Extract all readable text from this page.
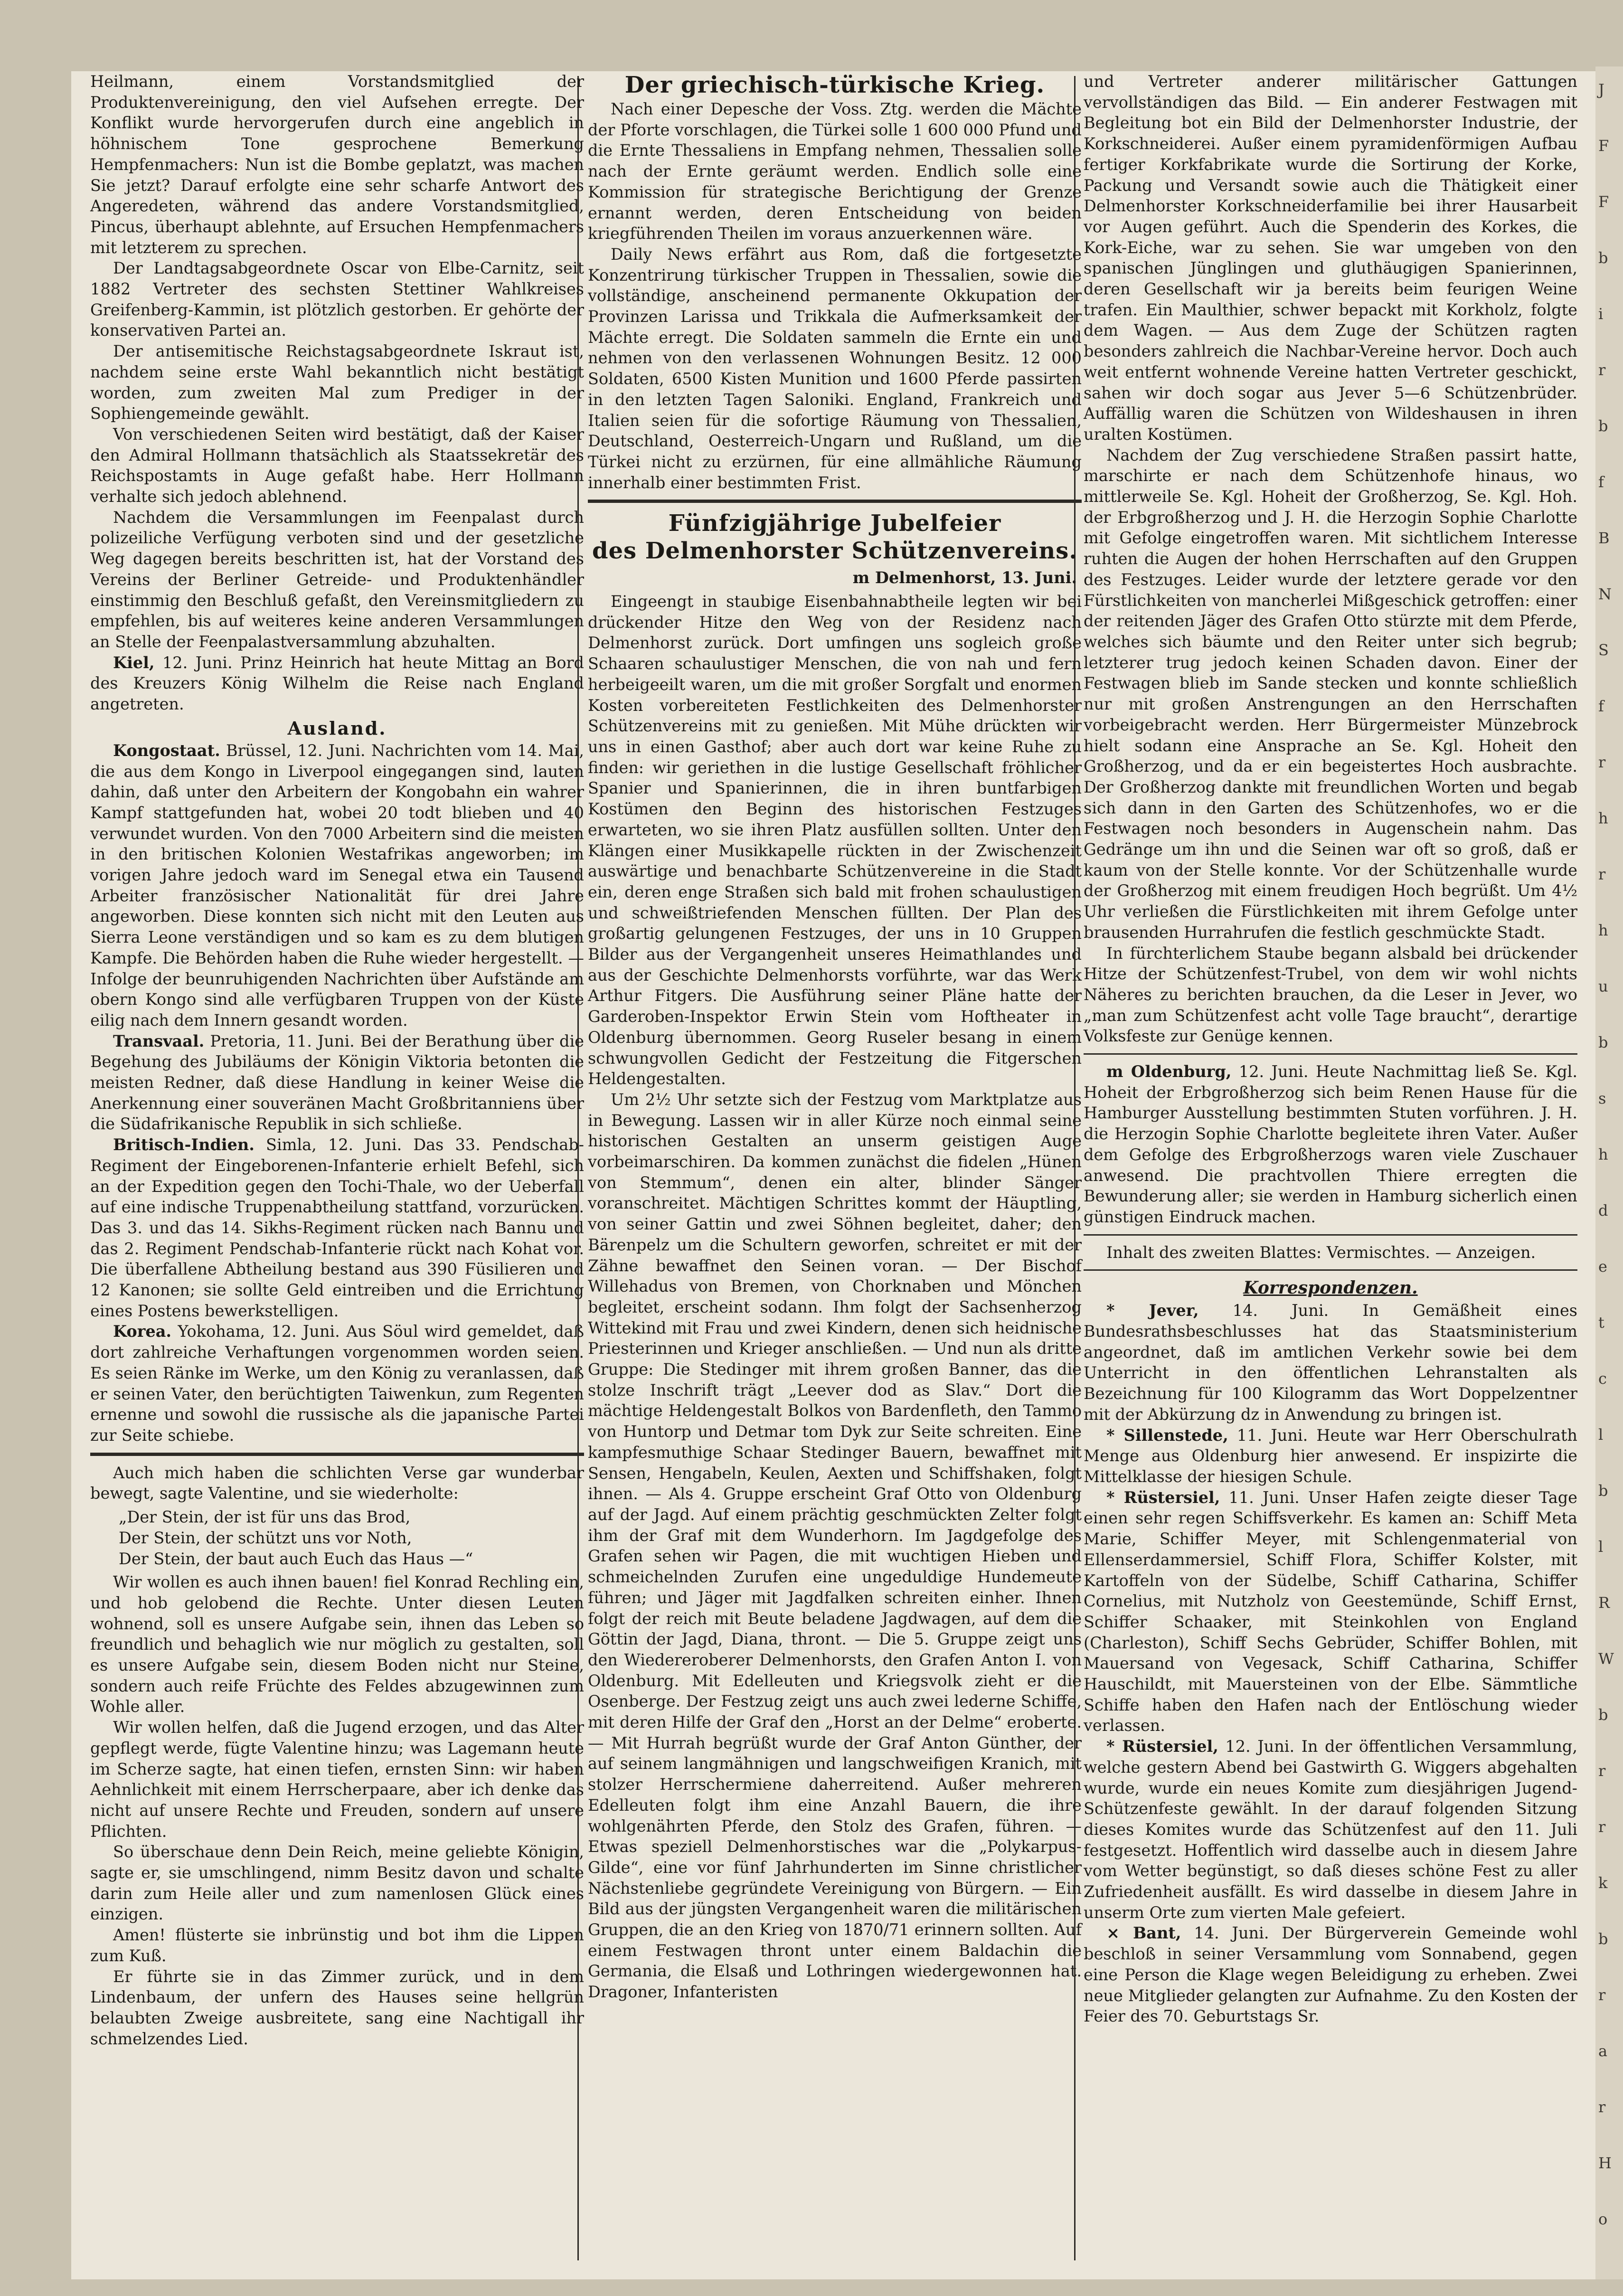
J
F
F
b
i
r
b
f
B
N
S
f
r
h
r
h
u
b
s
h
d
e
t
c
l
b
l
R
W
b
r
r
k
b
r
a
r
H
o

Heilmann, einem Vorstandsmitglied der Produktenvereinigung, den viel Aufsehen erregte. Der Konflikt wurde hervorgerufen durch eine angeblich in höhnischem Tone gesprochene Bemerkung Hempfenmachers: Nun ist die Bombe geplatzt, was machen Sie jetzt? Darauf erfolgte eine sehr scharfe Antwort des Angeredeten, während das andere Vorstandsmitglied, Pincus, überhaupt ablehnte, auf Ersuchen Hempfenmachers mit letzterem zu sprechen.

Der Landtagsabgeordnete Oscar von Elbe-Carnitz, seit 1882 Vertreter des sechsten Stettiner Wahlkreises Greifenberg-Kammin, ist plötzlich gestorben. Er gehörte der konservativen Partei an.

Der antisemitische Reichstagsabgeordnete Iskraut ist, nachdem seine erste Wahl bekanntlich nicht bestätigt worden, zum zweiten Mal zum Prediger in der Sophiengemeinde gewählt.

Von verschiedenen Seiten wird bestätigt, daß der Kaiser den Admiral Hollmann thatsächlich als Staatssekretär des Reichspostamts in Auge gefaßt habe. Herr Hollmann verhalte sich jedoch ablehnend.

Nachdem die Versammlungen im Feenpalast durch polizeiliche Verfügung verboten sind und der gesetzliche Weg dagegen bereits beschritten ist, hat der Vorstand des Vereins der Berliner Getreide- und Produktenhändler einstimmig den Beschluß gefaßt, den Vereinsmitgliedern zu empfehlen, bis auf weiteres keine anderen Versammlungen an Stelle der Feenpalastversammlung abzuhalten.

Kiel, 12. Juni. Prinz Heinrich hat heute Mittag an Bord des Kreuzers König Wilhelm die Reise nach England angetreten.

Ausland.

Kongostaat. Brüssel, 12. Juni. Nachrichten vom 14. Mai, die aus dem Kongo in Liverpool eingegangen sind, lauten dahin, daß unter den Arbeitern der Kongobahn ein wahrer Kampf stattgefunden hat, wobei 20 todt blieben und 40 verwundet wurden. Von den 7000 Arbeitern sind die meisten in den britischen Kolonien Westafrikas angeworben; im vorigen Jahre jedoch ward im Senegal etwa ein Tausend Arbeiter französischer Nationalität für drei Jahre angeworben. Diese konnten sich nicht mit den Leuten aus Sierra Leone verständigen und so kam es zu dem blutigen Kampfe. Die Behörden haben die Ruhe wieder hergestellt. — Infolge der beunruhigenden Nachrichten über Aufstände am obern Kongo sind alle verfügbaren Truppen von der Küste eilig nach dem Innern gesandt worden.

Transvaal. Pretoria, 11. Juni. Bei der Berathung über die Begehung des Jubiläums der Königin Viktoria betonten die meisten Redner, daß diese Handlung in keiner Weise die Anerkennung einer souveränen Macht Großbritanniens über die Südafrikanische Republik in sich schließe.

Britisch-Indien. Simla, 12. Juni. Das 33. Pendschab-Regiment der Eingeborenen-Infanterie erhielt Befehl, sich an der Expedition gegen den Tochi-Thale, wo der Ueberfall auf eine indische Truppenabtheilung stattfand, vorzurücken. Das 3. und das 14. Sikhs-Regiment rücken nach Bannu und das 2. Regiment Pendschab-Infanterie rückt nach Kohat vor. Die überfallene Abtheilung bestand aus 390 Füsilieren und 12 Kanonen; sie sollte Geld eintreiben und die Errichtung eines Postens bewerkstelligen.

Korea. Yokohama, 12. Juni. Aus Söul wird gemeldet, daß dort zahlreiche Verhaftungen vorgenommen worden seien. Es seien Ränke im Werke, um den König zu veranlassen, daß er seinen Vater, den berüchtigten Taiwenkun, zum Regenten ernenne und sowohl die russische als die japanische Partei zur Seite schiebe.

Auch mich haben die schlichten Verse gar wunderbar bewegt, sagte Valentine, und sie wiederholte:

„Der Stein, der ist für uns das Brod,
Der Stein, der schützt uns vor Noth,
Der Stein, der baut auch Euch das Haus —“

Wir wollen es auch ihnen bauen! fiel Konrad Rechling ein, und hob gelobend die Rechte. Unter diesen Leuten wohnend, soll es unsere Aufgabe sein, ihnen das Leben so freundlich und behaglich wie nur möglich zu gestalten, soll es unsere Aufgabe sein, diesem Boden nicht nur Steine, sondern auch reife Früchte des Feldes abzugewinnen zum Wohle aller.

Wir wollen helfen, daß die Jugend erzogen, und das Alter gepflegt werde, fügte Valentine hinzu; was Lagemann heute im Scherze sagte, hat einen tiefen, ernsten Sinn: wir haben Aehnlichkeit mit einem Herrscherpaare, aber ich denke das nicht auf unsere Rechte und Freuden, sondern auf unsere Pflichten.

So überschaue denn Dein Reich, meine geliebte Königin, sagte er, sie umschlingend, nimm Besitz davon und schalte darin zum Heile aller und zum namenlosen Glück eines einzigen.

Amen! flüsterte sie inbrünstig und bot ihm die Lippen zum Kuß.

Er führte sie in das Zimmer zurück, und in dem Lindenbaum, der unfern des Hauses seine hellgrün belaubten Zweige ausbreitete, sang eine Nachtigall ihr schmelzendes Lied.

Der griechisch-türkische Krieg.

Nach einer Depesche der Voss. Ztg. werden die Mächte der Pforte vorschlagen, die Türkei solle 1 600 000 Pfund und die Ernte Thessaliens in Empfang nehmen, Thessalien solle nach der Ernte geräumt werden. Endlich solle eine Kommission für strategische Berichtigung der Grenze ernannt werden, deren Entscheidung von beiden kriegführenden Theilen im voraus anzuerkennen wäre.

Daily News erfährt aus Rom, daß die fortgesetzte Konzentrirung türkischer Truppen in Thessalien, sowie die vollständige, anscheinend permanente Okkupation der Provinzen Larissa und Trikkala die Aufmerksamkeit der Mächte erregt. Die Soldaten sammeln die Ernte ein und nehmen von den verlassenen Wohnungen Besitz. 12 000 Soldaten, 6500 Kisten Munition und 1600 Pferde passirten in den letzten Tagen Saloniki. England, Frankreich und Italien seien für die sofortige Räumung von Thessalien, Deutschland, Oesterreich-Ungarn und Rußland, um die Türkei nicht zu erzürnen, für eine allmähliche Räumung innerhalb einer bestimmten Frist.

Fünfzigjährige Jubelfeier
des Delmenhorster Schützenvereins.
m Delmenhorst, 13. Juni.

Eingeengt in staubige Eisenbahnabtheile legten wir bei drückender Hitze den Weg von der Residenz nach Delmenhorst zurück. Dort umfingen uns sogleich große Schaaren schaulustiger Menschen, die von nah und fern herbeigeeilt waren, um die mit großer Sorgfalt und enormen Kosten vorbereiteten Festlichkeiten des Delmenhorster Schützenvereins mit zu genießen. Mit Mühe drückten wir uns in einen Gasthof; aber auch dort war keine Ruhe zu finden: wir geriethen in die lustige Gesellschaft fröhlicher Spanier und Spanierinnen, die in ihren buntfarbigen Kostümen den Beginn des historischen Festzuges erwarteten, wo sie ihren Platz ausfüllen sollten. Unter den Klängen einer Musikkapelle rückten in der Zwischenzeit auswärtige und benachbarte Schützenvereine in die Stadt ein, deren enge Straßen sich bald mit frohen schaulustigen und schweißtriefenden Menschen füllten. Der Plan des großartig gelungenen Festzuges, der uns in 10 Gruppen Bilder aus der Vergangenheit unseres Heimathlandes und aus der Geschichte Delmenhorsts vorführte, war das Werk Arthur Fitgers. Die Ausführung seiner Pläne hatte der Garderoben-Inspektor Erwin Stein vom Hoftheater in Oldenburg übernommen. Georg Ruseler besang in einem schwungvollen Gedicht der Festzeitung die Fitgerschen Heldengestalten.

Um 2½ Uhr setzte sich der Festzug vom Marktplatze aus in Bewegung. Lassen wir in aller Kürze noch einmal seine historischen Gestalten an unserm geistigen Auge vorbeimarschiren. Da kommen zunächst die fidelen „Hünen von Stemmum“, denen ein alter, blinder Sänger voranschreitet. Mächtigen Schrittes kommt der Häuptling, von seiner Gattin und zwei Söhnen begleitet, daher; den Bärenpelz um die Schultern geworfen, schreitet er mit der Zähne bewaffnet den Seinen voran. — Der Bischof Willehadus von Bremen, von Chorknaben und Mönchen begleitet, erscheint sodann. Ihm folgt der Sachsenherzog Wittekind mit Frau und zwei Kindern, denen sich heidnische Priesterinnen und Krieger anschließen. — Und nun als dritte Gruppe: Die Stedinger mit ihrem großen Banner, das die stolze Inschrift trägt „Leever dod as Slav.“ Dort die mächtige Heldengestalt Bolkos von Bardenfleth, den Tammo von Huntorp und Detmar tom Dyk zur Seite schreiten. Eine kampfesmuthige Schaar Stedinger Bauern, bewaffnet mit Sensen, Hengabeln, Keulen, Aexten und Schiffshaken, folgt ihnen. — Als 4. Gruppe erscheint Graf Otto von Oldenburg auf der Jagd. Auf einem prächtig geschmückten Zelter folgt ihm der Graf mit dem Wunderhorn. Im Jagdgefolge des Grafen sehen wir Pagen, die mit wuchtigen Hieben und schmeichelnden Zurufen eine ungeduldige Hundemeute führen; und Jäger mit Jagdfalken schreiten einher. Ihnen folgt der reich mit Beute beladene Jagdwagen, auf dem die Göttin der Jagd, Diana, thront. — Die 5. Gruppe zeigt uns den Wiedereroberer Delmenhorsts, den Grafen Anton I. von Oldenburg. Mit Edelleuten und Kriegsvolk zieht er die Osenberge. Der Festzug zeigt uns auch zwei lederne Schiffe, mit deren Hilfe der Graf den „Horst an der Delme“ eroberte. — Mit Hurrah begrüßt wurde der Graf Anton Günther, der auf seinem langmähnigen und langschweifigen Kranich, mit stolzer Herrschermiene daherreitend. Außer mehreren Edelleuten folgt ihm eine Anzahl Bauern, die ihre wohlgenährten Pferde, den Stolz des Grafen, führen. — Etwas speziell Delmenhorstisches war die „Polykarpus-Gilde“, eine vor fünf Jahrhunderten im Sinne christlicher Nächstenliebe gegründete Vereinigung von Bürgern. — Ein Bild aus der jüngsten Vergangenheit waren die militärischen Gruppen, die an den Krieg von 1870/71 erinnern sollten. Auf einem Festwagen thront unter einem Baldachin die Germania, die Elsaß und Lothringen wiedergewonnen hat. Dragoner, Infanteristen

und Vertreter anderer militärischer Gattungen vervollständigen das Bild. — Ein anderer Festwagen mit Begleitung bot ein Bild der Delmenhorster Industrie, der Korkschneiderei. Außer einem pyramidenförmigen Aufbau fertiger Korkfabrikate wurde die Sortirung der Korke, Packung und Versandt sowie auch die Thätigkeit einer Delmenhorster Korkschneiderfamilie bei ihrer Hausarbeit vor Augen geführt. Auch die Spenderin des Korkes, die Kork-Eiche, war zu sehen. Sie war umgeben von den spanischen Jünglingen und gluthäugigen Spanierinnen, deren Gesellschaft wir ja bereits beim feurigen Weine trafen. Ein Maulthier, schwer bepackt mit Korkholz, folgte dem Wagen. — Aus dem Zuge der Schützen ragten besonders zahlreich die Nachbar-Vereine hervor. Doch auch weit entfernt wohnende Vereine hatten Vertreter geschickt, sahen wir doch sogar aus Jever 5—6 Schützenbrüder. Auffällig waren die Schützen von Wildeshausen in ihren uralten Kostümen.

Nachdem der Zug verschiedene Straßen passirt hatte, marschirte er nach dem Schützenhofe hinaus, wo mittlerweile Se. Kgl. Hoheit der Großherzog, Se. Kgl. Hoh. der Erbgroßherzog und J. H. die Herzogin Sophie Charlotte mit Gefolge eingetroffen waren. Mit sichtlichem Interesse ruhten die Augen der hohen Herrschaften auf den Gruppen des Festzuges. Leider wurde der letztere gerade vor den Fürstlichkeiten von mancherlei Mißgeschick getroffen: einer der reitenden Jäger des Grafen Otto stürzte mit dem Pferde, welches sich bäumte und den Reiter unter sich begrub; letzterer trug jedoch keinen Schaden davon. Einer der Festwagen blieb im Sande stecken und konnte schließlich nur mit großen Anstrengungen an den Herrschaften vorbeigebracht werden. Herr Bürgermeister Münzebrock hielt sodann eine Ansprache an Se. Kgl. Hoheit den Großherzog, und da er ein begeistertes Hoch ausbrachte. Der Großherzog dankte mit freundlichen Worten und begab sich dann in den Garten des Schützenhofes, wo er die Festwagen noch besonders in Augenschein nahm. Das Gedränge um ihn und die Seinen war oft so groß, daß er kaum von der Stelle konnte. Vor der Schützenhalle wurde der Großherzog mit einem freudigen Hoch begrüßt. Um 4½ Uhr verließen die Fürstlichkeiten mit ihrem Gefolge unter brausenden Hurrahrufen die festlich geschmückte Stadt.

In fürchterlichem Staube begann alsbald bei drückender Hitze der Schützenfest-Trubel, von dem wir wohl nichts Näheres zu berichten brauchen, da die Leser in Jever, wo „man zum Schützenfest acht volle Tage braucht“, derartige Volksfeste zur Genüge kennen.

m Oldenburg, 12. Juni. Heute Nachmittag ließ Se. Kgl. Hoheit der Erbgroßherzog sich beim Renen Hause für die Hamburger Ausstellung bestimmten Stuten vorführen. J. H. die Herzogin Sophie Charlotte begleitete ihren Vater. Außer dem Gefolge des Erbgroßherzogs waren viele Zuschauer anwesend. Die prachtvollen Thiere erregten die Bewunderung aller; sie werden in Hamburg sicherlich einen günstigen Eindruck machen.

Inhalt des zweiten Blattes: Vermischtes. — Anzeigen.

Korrespondenzen.

* Jever, 14. Juni. In Gemäßheit eines Bundesrathsbeschlusses hat das Staatsministerium angeordnet, daß im amtlichen Verkehr sowie bei dem Unterricht in den öffentlichen Lehranstalten als Bezeichnung für 100 Kilogramm das Wort Doppelzentner mit der Abkürzung dz in Anwendung zu bringen ist.

* Sillenstede, 11. Juni. Heute war Herr Oberschulrath Menge aus Oldenburg hier anwesend. Er inspizirte die Mittelklasse der hiesigen Schule.

* Rüstersiel, 11. Juni. Unser Hafen zeigte dieser Tage einen sehr regen Schiffsverkehr. Es kamen an: Schiff Meta Marie, Schiffer Meyer, mit Schlengenmaterial von Ellenserdammersiel, Schiff Flora, Schiffer Kolster, mit Kartoffeln von der Südelbe, Schiff Catharina, Schiffer Cornelius, mit Nutzholz von Geestemünde, Schiff Ernst, Schiffer Schaaker, mit Steinkohlen von England (Charleston), Schiff Sechs Gebrüder, Schiffer Bohlen, mit Mauersand von Vegesack, Schiff Catharina, Schiffer Hauschildt, mit Mauersteinen von der Elbe. Sämmtliche Schiffe haben den Hafen nach der Entlöschung wieder verlassen.

* Rüstersiel, 12. Juni. In der öffentlichen Versammlung, welche gestern Abend bei Gastwirth G. Wiggers abgehalten wurde, wurde ein neues Komite zum diesjährigen Jugend-Schützenfeste gewählt. In der darauf folgenden Sitzung dieses Komites wurde das Schützenfest auf den 11. Juli festgesetzt. Hoffentlich wird dasselbe auch in diesem Jahre vom Wetter begünstigt, so daß dieses schöne Fest zu aller Zufriedenheit ausfällt. Es wird dasselbe in diesem Jahre in unserm Orte zum vierten Male gefeiert.

× Bant, 14. Juni. Der Bürgerverein Gemeinde wohl beschloß in seiner Versammlung vom Sonnabend, gegen eine Person die Klage wegen Beleidigung zu erheben. Zwei neue Mitglieder gelangten zur Aufnahme. Zu den Kosten der Feier des 70. Geburtstags Sr.
